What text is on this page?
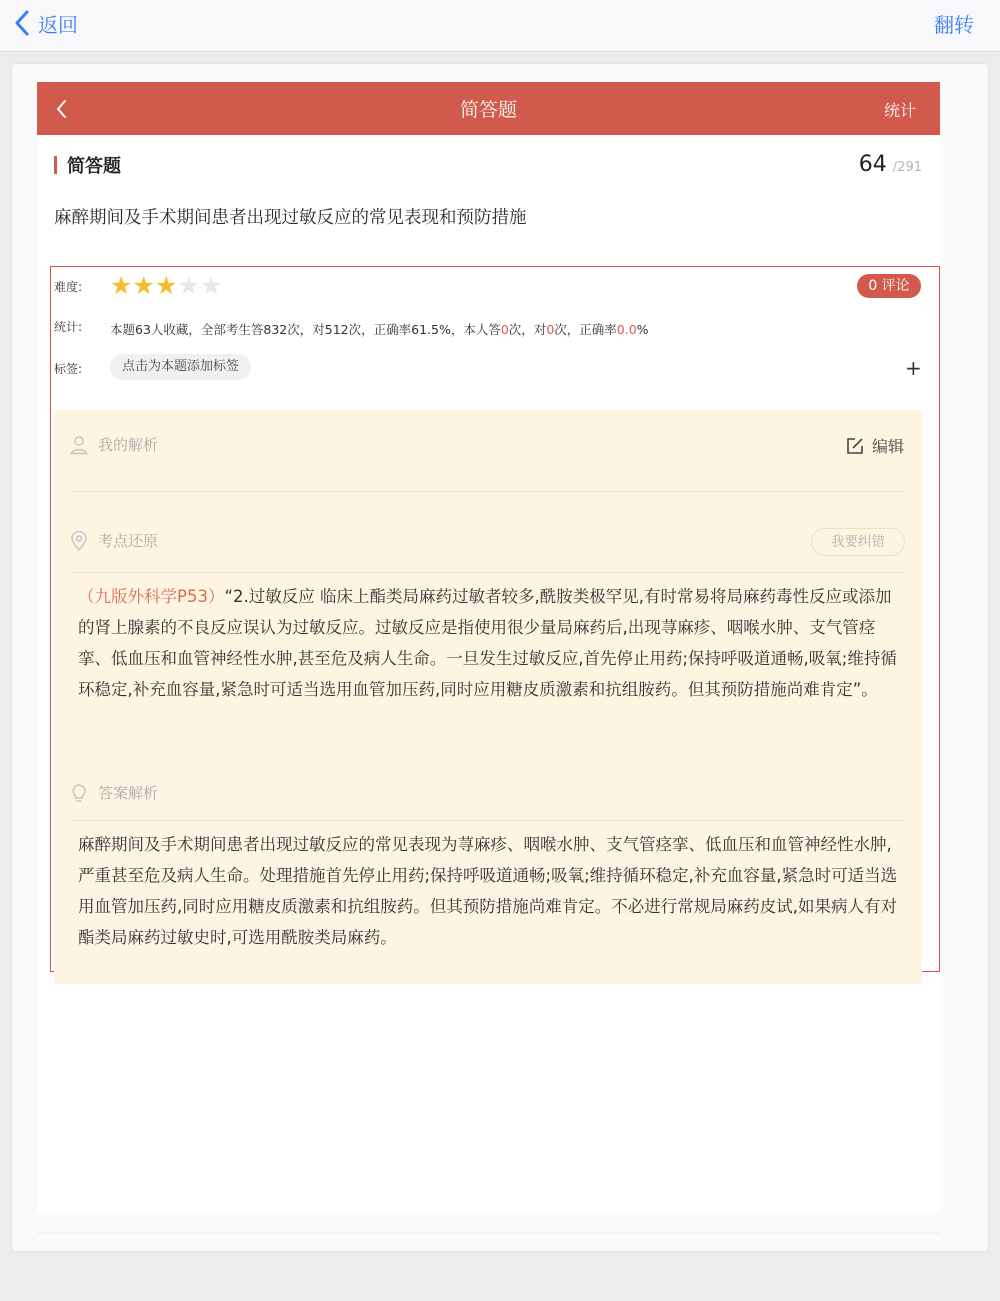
返回	翻转
简答题	统计
简答题	64 /291
麻醉期间及手术期间患者出现过敏反应的常见表现和预防措施
难度: ★ ★ ★ ★ ★	0 评论
统计: 本题63人收藏，全部考生答832次，对512次，正确率61.5%，本人答0次，对0次，正确率0.0%
标签:	点击为本题添加标签	+
我的解析	编辑
考点还原	我要纠错
（九版外科学P53）“2.过敏反应 临床上酯类局麻药过敏者较多,酰胺类极罕见,有时常易将局麻药毒性反应或添加的肾上腺素的不良反应误认为过敏反应。过敏反应是指使用很少量局麻药后,出现荨麻疹、咽喉水肿、支气管痉挛、低血压和血管神经性水肿,甚至危及病人生命。一旦发生过敏反应,首先停止用药;保持呼吸道通畅,吸氧;维持循环稳定,补充血容量,紧急时可适当选用血管加压药,同时应用糖皮质激素和抗组胺药。但其预防措施尚难肯定”。
答案解析
麻醉期间及手术期间患者出现过敏反应的常见表现为荨麻疹、咽喉水肿、支气管痉挛、低血压和血管神经性水肿,严重甚至危及病人生命。处理措施首先停止用药;保持呼吸道通畅;吸氧;维持循环稳定,补充血容量,紧急时可适当选用血管加压药,同时应用糖皮质激素和抗组胺药。但其预防措施尚难肯定。不必进行常规局麻药皮试,如果病人有对酯类局麻药过敏史时,可选用酰胺类局麻药。
